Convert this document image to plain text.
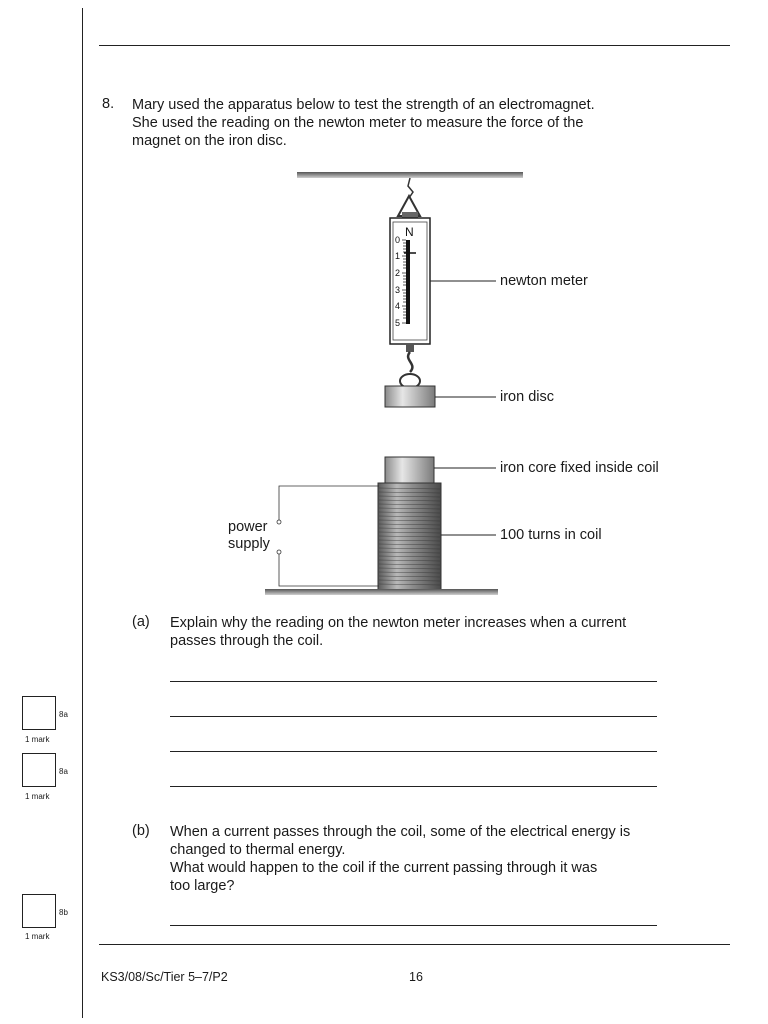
8. Mary used the apparatus below to test the strength of an electromagnet.
She used the reading on the newton meter to measure the force of the
magnet on the iron disc.
N
0
1
2
3
4
5
newton meter
iron disc
iron core fixed inside coil
100 turns in coil
power
supply
(a) Explain why the reading on the newton meter increases when a current
passes through the coil.
(b) When a current passes through the coil, some of the electrical energy is
changed to thermal energy.
What would happen to the coil if the current passing through it was
too large?
8a
1 mark
8a
1 mark
8b
1 mark
KS3/08/Sc/Tier 5–7/P2	16
